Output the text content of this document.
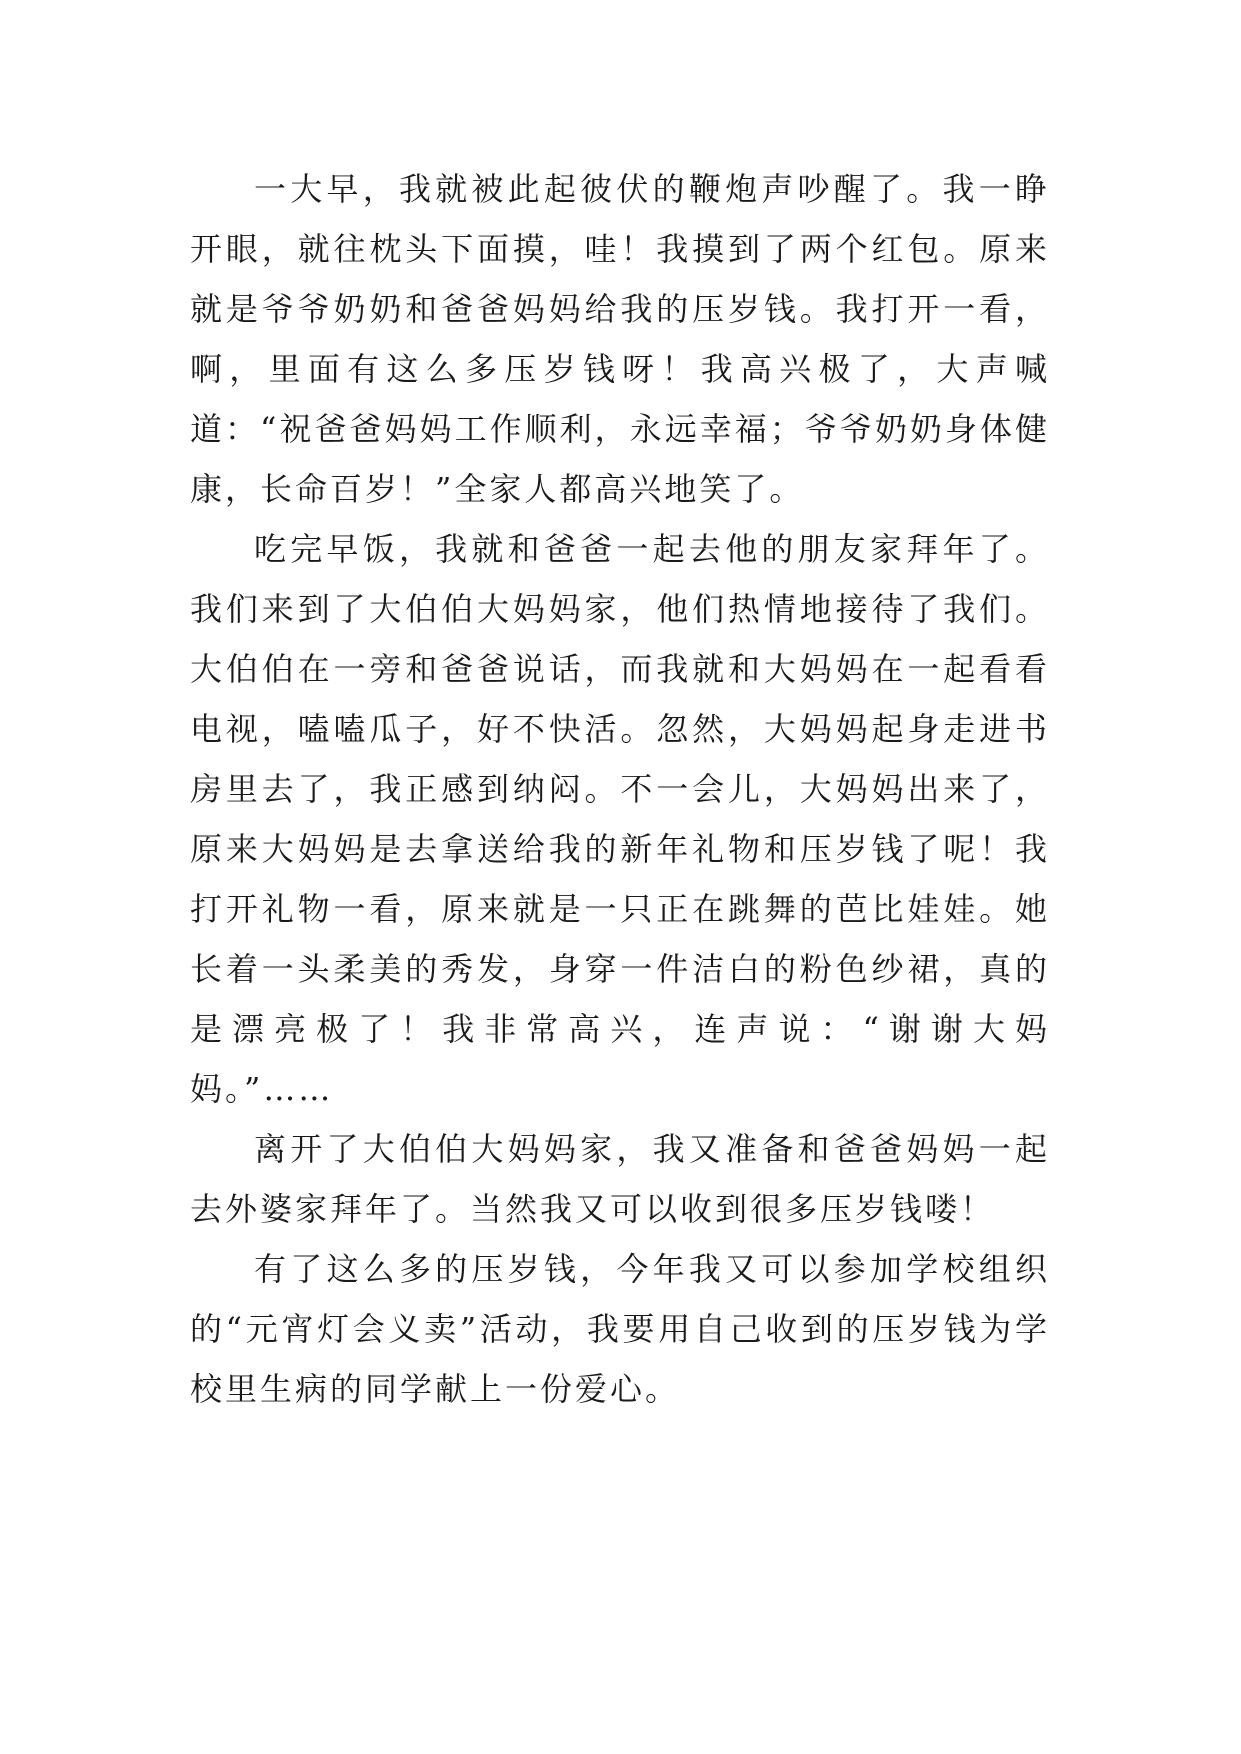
一大早，我就被此起彼伏的鞭炮声吵醒了。我一睁开眼，就往枕头下面摸，哇！我摸到了两个红包。原来就是爷爷奶奶和爸爸妈妈给我的压岁钱。我打开一看，啊，里面有这么多压岁钱呀！我高兴极了，大声喊道：“祝爸爸妈妈工作顺利，永远幸福；爷爷奶奶身体健康，长命百岁！”全家人都高兴地笑了。

吃完早饭，我就和爸爸一起去他的朋友家拜年了。我们来到了大伯伯大妈妈家，他们热情地接待了我们。大伯伯在一旁和爸爸说话，而我就和大妈妈在一起看看电视，嗑嗑瓜子，好不快活。忽然，大妈妈起身走进书房里去了，我正感到纳闷。不一会儿，大妈妈出来了，原来大妈妈是去拿送给我的新年礼物和压岁钱了呢！我打开礼物一看，原来就是一只正在跳舞的芭比娃娃。她长着一头柔美的秀发，身穿一件洁白的粉色纱裙，真的是漂亮极了！我非常高兴，连声说：“谢谢大妈妈。”……

离开了大伯伯大妈妈家，我又准备和爸爸妈妈一起去外婆家拜年了。当然我又可以收到很多压岁钱喽！

有了这么多的压岁钱，今年我又可以参加学校组织的“元宵灯会义卖”活动，我要用自己收到的压岁钱为学校里生病的同学献上一份爱心。
